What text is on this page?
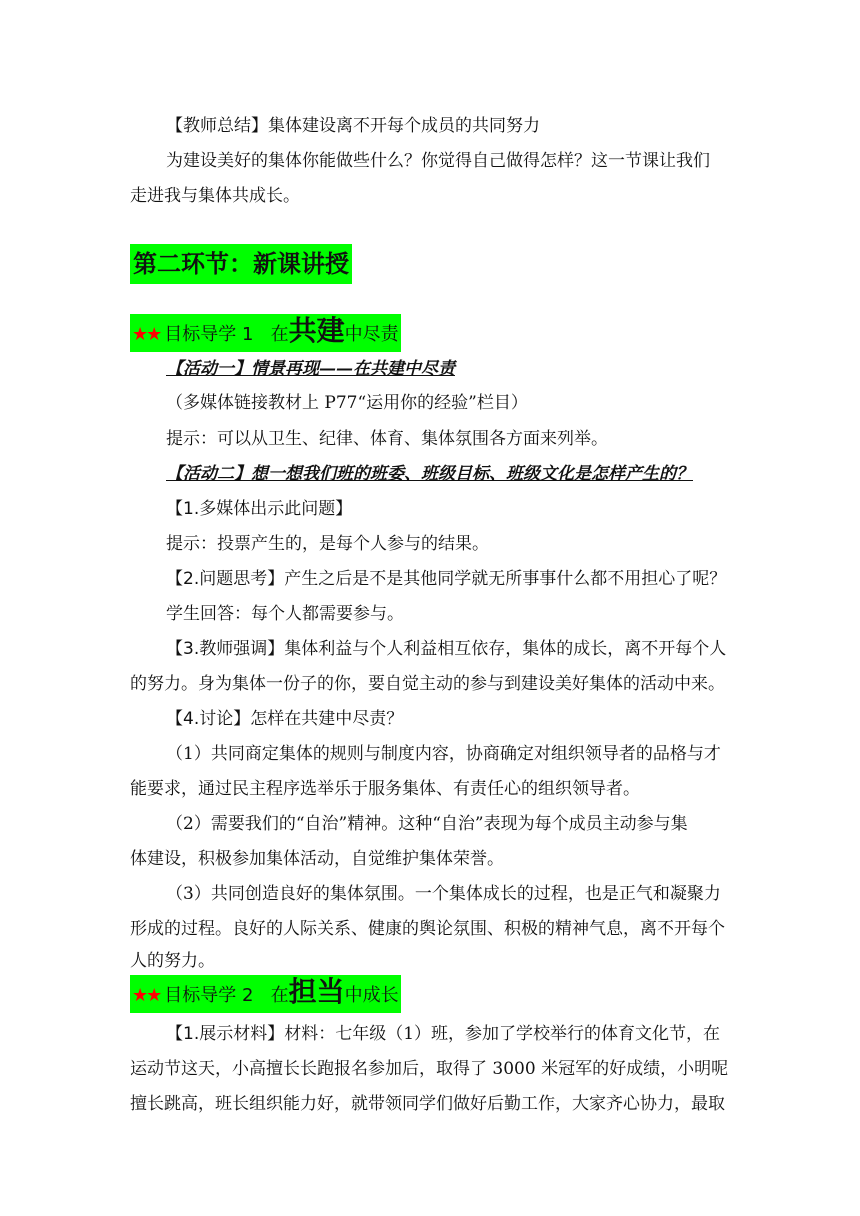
【教师总结】集体建设离不开每个成员的共同努力
为建设美好的集体你能做些什么？你觉得自己做得怎样？这一节课让我们
走进我与集体共成长。
第二环节：新课讲授
★★ 目标导学 1 在共建中尽责
【活动一】情景再现——在共建中尽责
（多媒体链接教材上 P77“运用你的经验”栏目）
提示：可以从卫生、纪律、体育、集体氛围各方面来列举。
【活动二】想一想我们班的班委、班级目标、班级文化是怎样产生的？
【1.多媒体出示此问题】
提示：投票产生的，是每个人参与的结果。
【2.问题思考】产生之后是不是其他同学就无所事事什么都不用担心了呢？
学生回答：每个人都需要参与。
【3.教师强调】集体利益与个人利益相互依存，集体的成长，离不开每个人
的努力。身为集体一份子的你，要自觉主动的参与到建设美好集体的活动中来。
【4.讨论】怎样在共建中尽责？
（1）共同商定集体的规则与制度内容，协商确定对组织领导者的品格与才
能要求，通过民主程序选举乐于服务集体、有责任心的组织领导者。
（2）需要我们的“自治”精神。这种“自治”表现为每个成员主动参与集
体建设，积极参加集体活动，自觉维护集体荣誉。
（3）共同创造良好的集体氛围。一个集体成长的过程，也是正气和凝聚力
形成的过程。良好的人际关系、健康的舆论氛围、积极的精神气息，离不开每个
人的努力。
★★ 目标导学 2 在担当中成长
【1.展示材料】材料：七年级（1）班，参加了学校举行的体育文化节，在
运动节这天，小高擅长长跑报名参加后，取得了 3000 米冠军的好成绩，小明呢
擅长跳高，班长组织能力好，就带领同学们做好后勤工作，大家齐心协力，最取
